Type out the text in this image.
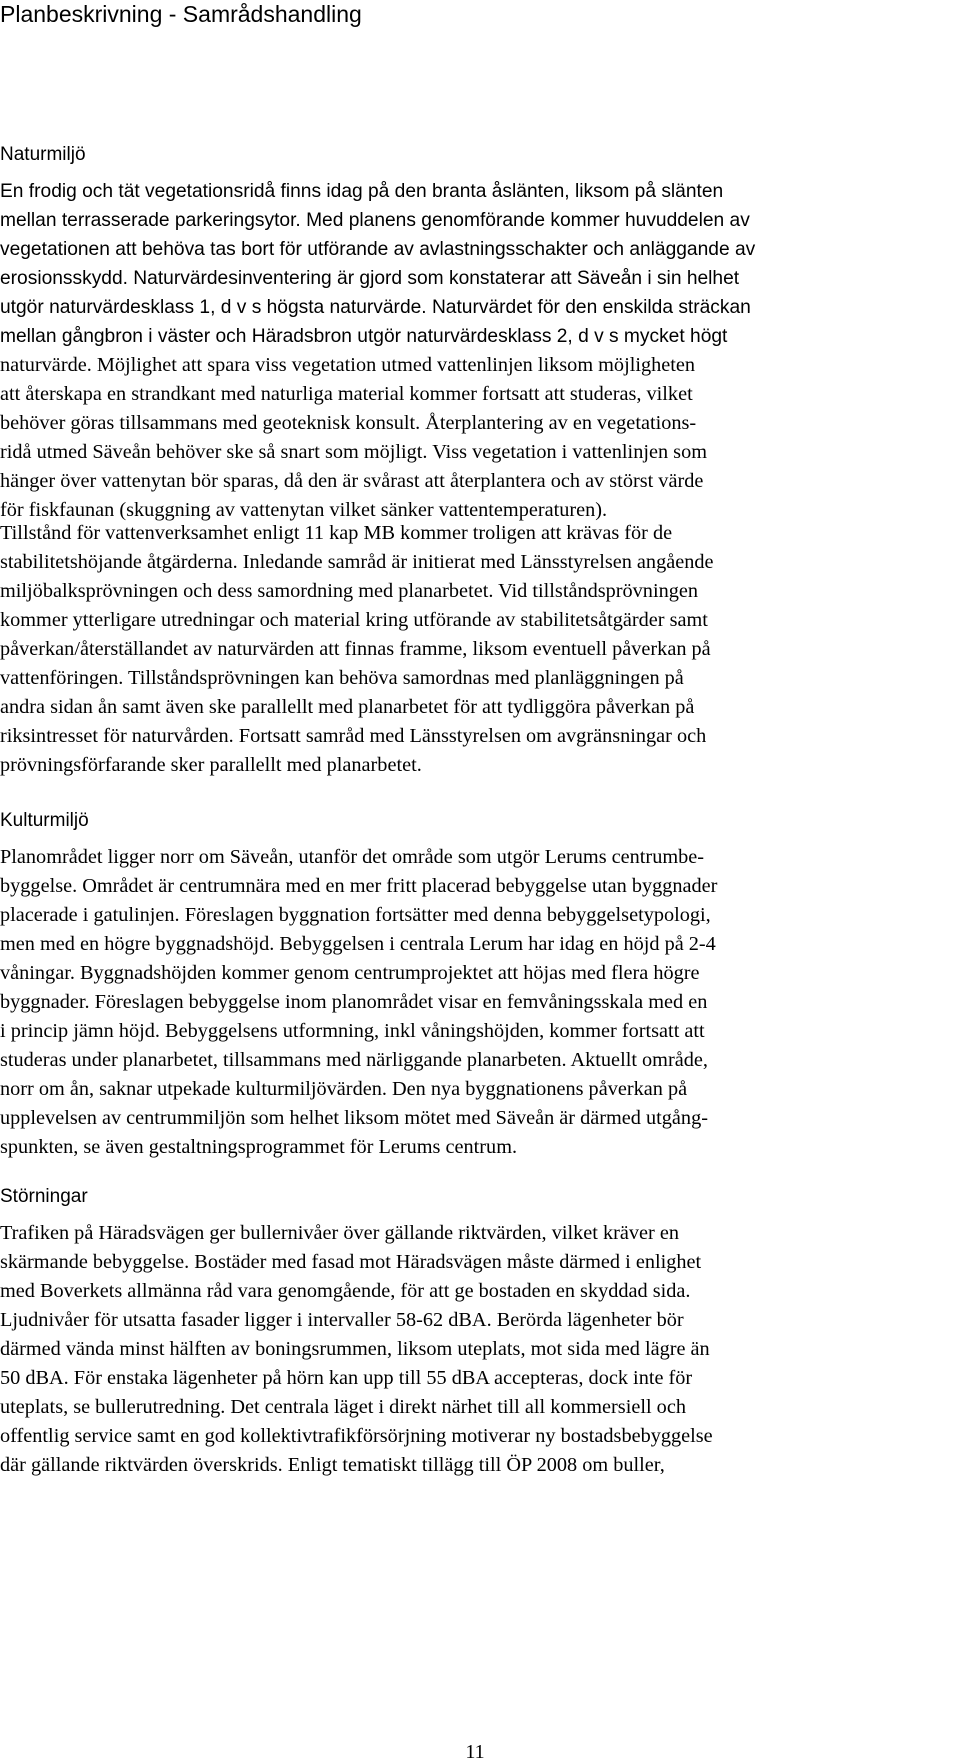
Planbeskrivning - Samrådshandling
Naturmiljö
En frodig och tät vegetationsridå finns idag på den branta åslänten, liksom på slänten
mellan terrasserade parkeringsytor. Med planens genomförande kommer huvuddelen av
vegetationen att behöva tas bort för utförande av avlastningsschakter och anläggande av
erosionsskydd. Naturvärdesinventering är gjord som konstaterar att Säveån i sin helhet
utgör naturvärdesklass 1, d v s högsta naturvärde. Naturvärdet för den enskilda sträckan
mellan gångbron i väster och Häradsbron utgör naturvärdesklass 2, d v s mycket högt
naturvärde. Möjlighet att spara viss vegetation utmed vattenlinjen liksom möjligheten
att återskapa en strandkant med naturliga material kommer fortsatt att studeras, vilket
behöver göras tillsammans med geoteknisk konsult. Återplantering av en vegetations-
ridå utmed Säveån behöver ske så snart som möjligt. Viss vegetation i vattenlinjen som
hänger över vattenytan bör sparas, då den är svårast att återplantera och av störst värde
för fiskfaunan (skuggning av vattenytan vilket sänker vattentemperaturen).
Tillstånd för vattenverksamhet enligt 11 kap MB kommer troligen att krävas för de
stabilitetshöjande åtgärderna. Inledande samråd är initierat med Länsstyrelsen angående
miljöbalksprövningen och dess samordning med planarbetet. Vid tillståndsprövningen
kommer ytterligare utredningar och material kring utförande av stabilitetsåtgärder samt
påverkan/återställandet av naturvärden att finnas framme, liksom eventuell påverkan på
vattenföringen. Tillståndsprövningen kan behöva samordnas med planläggningen på
andra sidan ån samt även ske parallellt med planarbetet för att tydliggöra påverkan på
riksintresset för naturvården. Fortsatt samråd med Länsstyrelsen om avgränsningar och
prövningsförfarande sker parallellt med planarbetet.
Kulturmiljö
Planområdet ligger norr om Säveån, utanför det område som utgör Lerums centrumbe-
byggelse. Området är centrumnära med en mer fritt placerad bebyggelse utan byggnader
placerade i gatulinjen. Föreslagen byggnation fortsätter med denna bebyggelsetypologi,
men med en högre byggnadshöjd. Bebyggelsen i centrala Lerum har idag en höjd på 2-4
våningar. Byggnadshöjden kommer genom centrumprojektet att höjas med flera högre
byggnader. Föreslagen bebyggelse inom planområdet visar en femvåningsskala med en
i princip jämn höjd. Bebyggelsens utformning, inkl våningshöjden, kommer fortsatt att
studeras under planarbetet, tillsammans med närliggande planarbeten. Aktuellt område,
norr om ån, saknar utpekade kulturmiljövärden. Den nya byggnationens påverkan på
upplevelsen av centrummiljön som helhet liksom mötet med Säveån är därmed utgång-
spunkten, se även gestaltningsprogrammet för Lerums centrum.
Störningar
Trafiken på Häradsvägen ger bullernivåer över gällande riktvärden, vilket kräver en
skärmande bebyggelse. Bostäder med fasad mot Häradsvägen måste därmed i enlighet
med Boverkets allmänna råd vara genomgående, för att ge bostaden en skyddad sida.
Ljudnivåer för utsatta fasader ligger i intervaller 58-62 dBA. Berörda lägenheter bör
därmed vända minst hälften av boningsrummen, liksom uteplats, mot sida med lägre än
50 dBA. För enstaka lägenheter på hörn kan upp till 55 dBA accepteras, dock inte för
uteplats, se bullerutredning. Det centrala läget i direkt närhet till all kommersiell och
offentlig service samt en god kollektivtrafikförsörjning motiverar ny bostadsbebyggelse
där gällande riktvärden överskrids. Enligt tematiskt tillägg till ÖP 2008 om buller,
11
